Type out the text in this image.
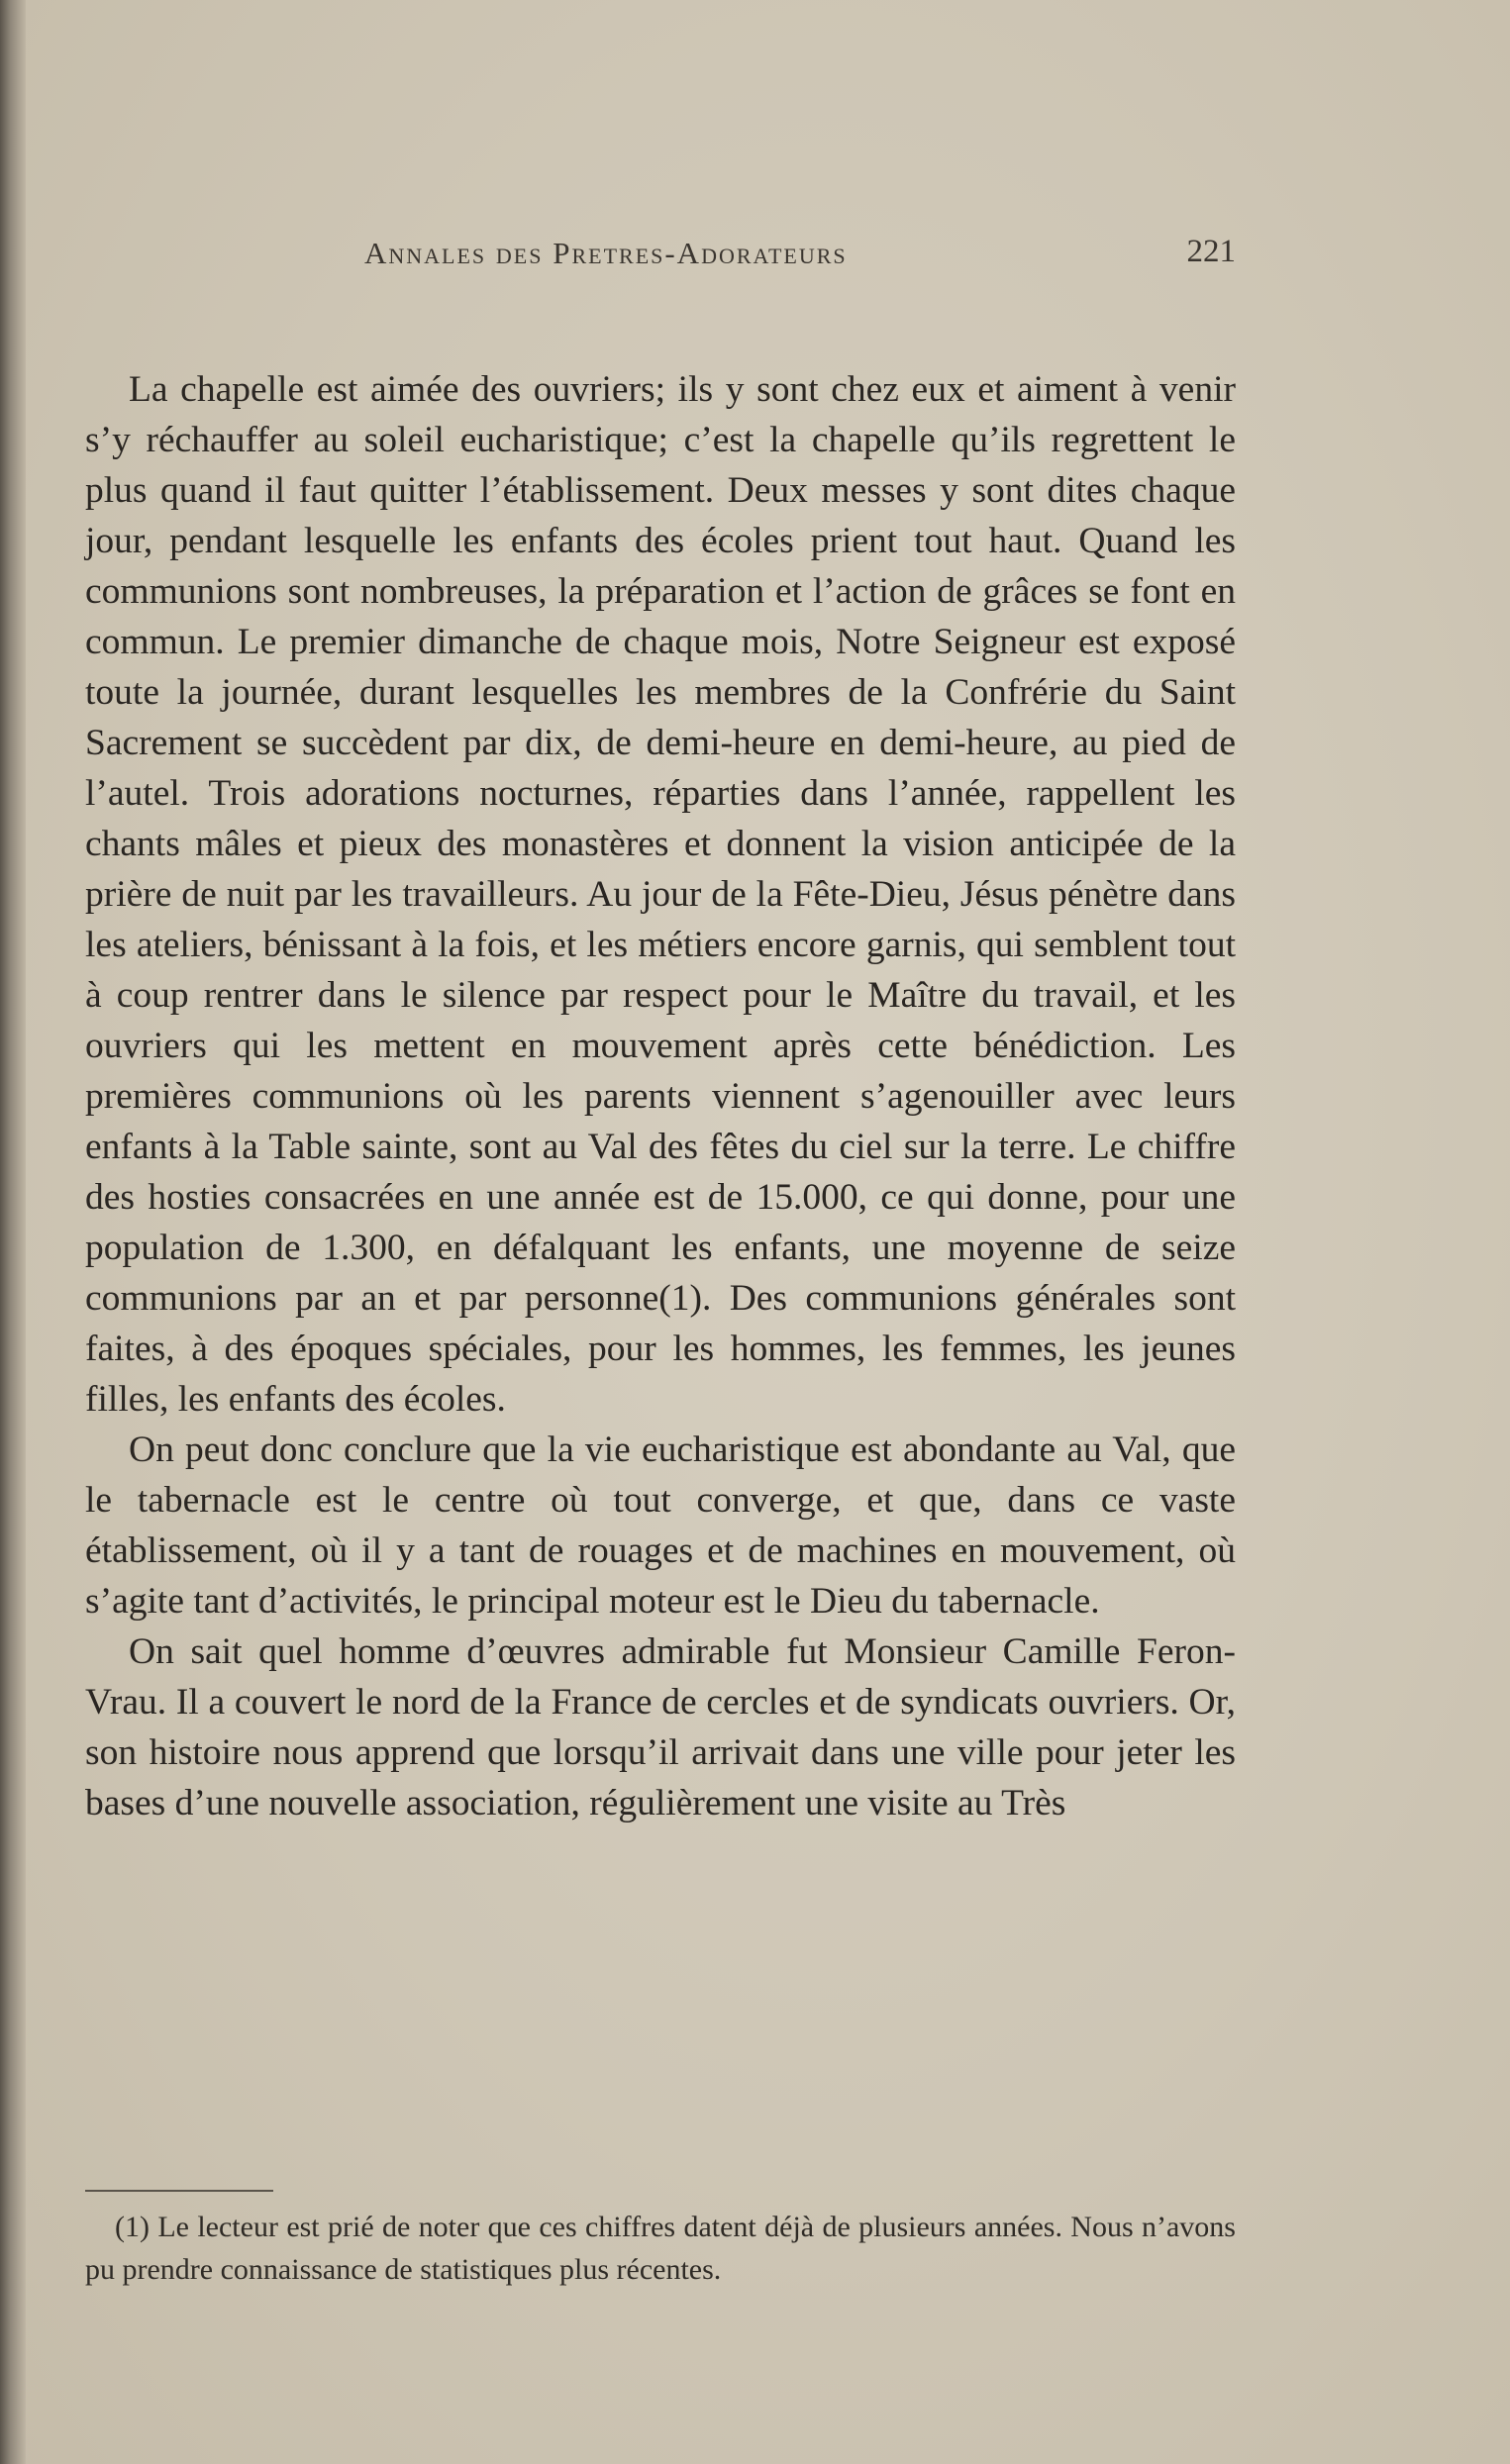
Annales des Pretres-Adorateurs	221

La chapelle est aimée des ouvriers; ils y sont chez eux et aiment à venir s’y réchauffer au soleil eucharistique; c’est la chapelle qu’ils regrettent le plus quand il faut quitter l’établissement. Deux messes y sont dites chaque jour, pendant lesquelle les enfants des écoles prient tout haut. Quand les communions sont nombreuses, la préparation et l’action de grâces se font en commun. Le premier dimanche de chaque mois, Notre Seigneur est exposé toute la journée, durant lesquelles les membres de la Confrérie du Saint Sacrement se succèdent par dix, de demi-heure en demi-heure, au pied de l’autel. Trois adorations nocturnes, réparties dans l’année, rappellent les chants mâles et pieux des monastères et donnent la vision anticipée de la prière de nuit par les travailleurs. Au jour de la Fête-Dieu, Jésus pénètre dans les ateliers, bénissant à la fois, et les métiers encore garnis, qui semblent tout à coup rentrer dans le silence par respect pour le Maître du travail, et les ouvriers qui les mettent en mouvement après cette bénédiction. Les premières communions où les parents viennent s’agenouiller avec leurs enfants à la Table sainte, sont au Val des fêtes du ciel sur la terre. Le chiffre des hosties consacrées en une année est de 15.000, ce qui donne, pour une population de 1.300, en défalquant les enfants, une moyenne de seize communions par an et par personne(1). Des communions générales sont faites, à des époques spéciales, pour les hommes, les femmes, les jeunes filles, les enfants des écoles.

On peut donc conclure que la vie eucharistique est abondante au Val, que le tabernacle est le centre où tout converge, et que, dans ce vaste établissement, où il y a tant de rouages et de machines en mouvement, où s’agite tant d’activités, le principal moteur est le Dieu du tabernacle.

On sait quel homme d’œuvres admirable fut Monsieur Camille Feron-Vrau. Il a couvert le nord de la France de cercles et de syndicats ouvriers. Or, son histoire nous apprend que lorsqu’il arrivait dans une ville pour jeter les bases d’une nouvelle association, régulièrement une visite au Très

(1) Le lecteur est prié de noter que ces chiffres datent déjà de plusieurs années. Nous n’avons pu prendre connaissance de statistiques plus récentes.
